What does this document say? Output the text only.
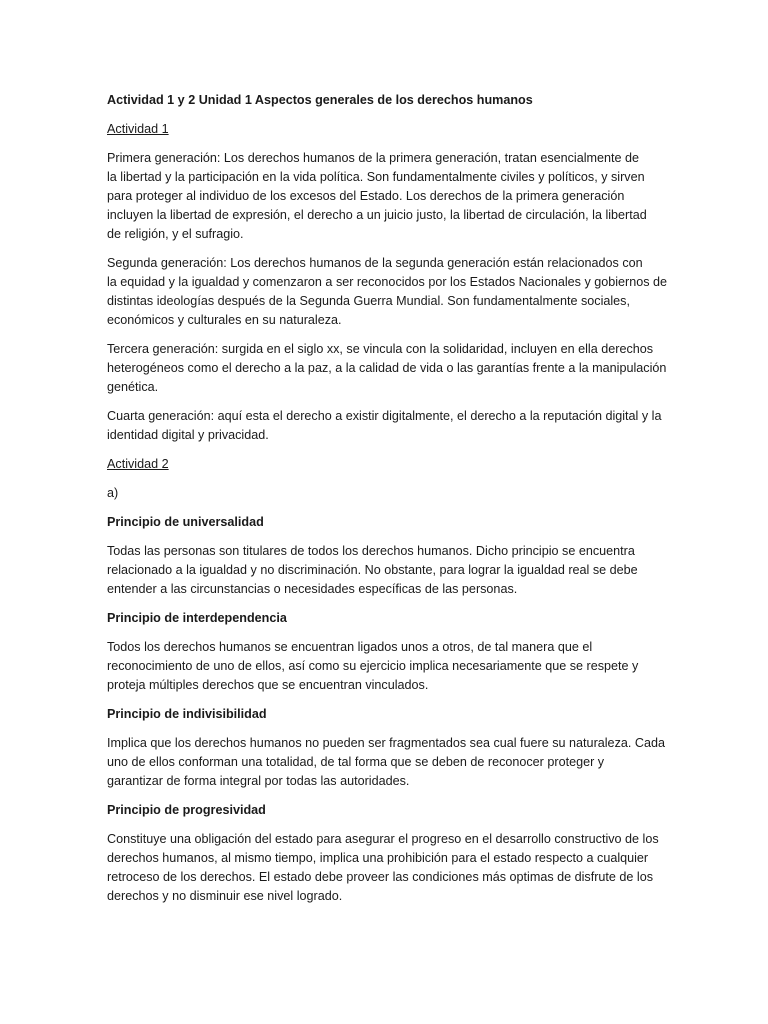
Actividad 1 y 2 Unidad 1 Aspectos generales de los derechos humanos
Actividad 1
Primera generación: Los derechos humanos de la primera generación, tratan esencialmente de
la libertad y la participación en la vida política. Son fundamentalmente civiles y políticos, y sirven
para proteger al individuo de los excesos del Estado. Los derechos de la primera generación
incluyen la libertad de expresión, el derecho a un juicio justo, la libertad de circulación, la libertad
de religión, y el sufragio.
Segunda generación: Los derechos humanos de la segunda generación están relacionados con
la equidad y la igualdad y comenzaron a ser reconocidos por los Estados Nacionales y gobiernos de
distintas ideologías después de la Segunda Guerra Mundial. Son fundamentalmente sociales,
económicos y culturales en su naturaleza.
Tercera generación: surgida en el siglo xx, se vincula con la solidaridad, incluyen en ella derechos
heterogéneos como el derecho a la paz, a la calidad de vida o las garantías frente a la manipulación
genética.
Cuarta generación: aquí esta el derecho a existir digitalmente, el derecho a la reputación digital y la
identidad digital y privacidad.
Actividad 2
a)
Principio de universalidad
Todas las personas son titulares de todos los derechos humanos. Dicho principio se encuentra
relacionado a la igualdad y no discriminación. No obstante, para lograr la igualdad real se debe
entender a las circunstancias o necesidades específicas de las personas.
Principio de interdependencia
Todos los derechos humanos se encuentran ligados unos a otros, de tal manera que el
reconocimiento de uno de ellos, así como su ejercicio implica necesariamente que se respete y
proteja múltiples derechos que se encuentran vinculados.
Principio de indivisibilidad
Implica que los derechos humanos no pueden ser fragmentados sea cual fuere su naturaleza. Cada
uno de ellos conforman una totalidad, de tal forma que se deben de reconocer proteger y
garantizar de forma integral por todas las autoridades.
Principio de progresividad
Constituye una obligación del estado para asegurar el progreso en el desarrollo constructivo de los
derechos humanos, al mismo tiempo, implica una prohibición para el estado respecto a cualquier
retroceso de los derechos. El estado debe proveer las condiciones más optimas de disfrute de los
derechos y no disminuir ese nivel logrado.
